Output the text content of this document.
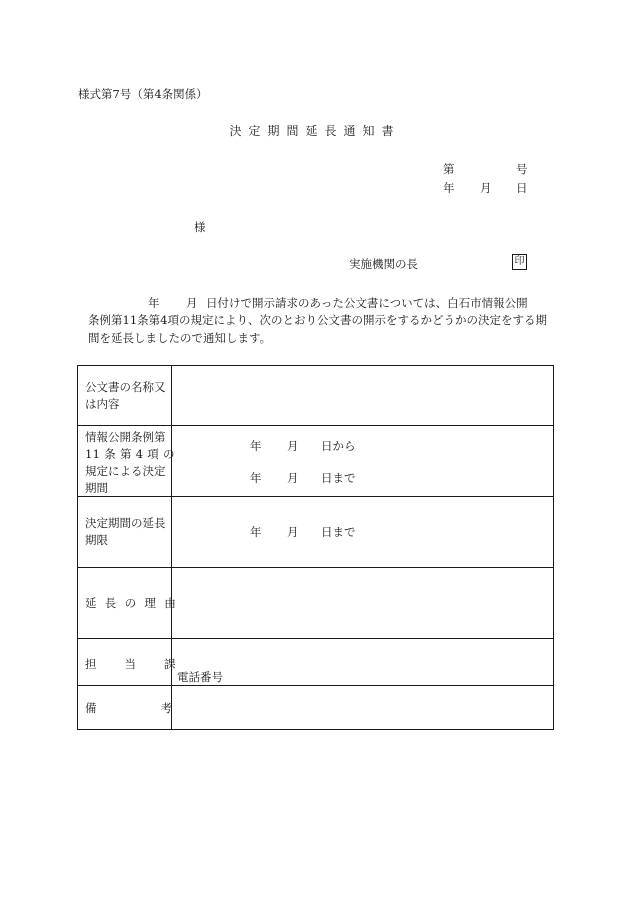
様式第7号（第4条関係）
決定期間延長通知書
第	号
年 月 日
様
実施機関の長	印
年 月 日付けで開示請求のあった公文書については、白石市情報公開
条例第11条第4項の規定により、次のとおり公文書の開示をするかどうかの決定をする期
間を延長しましたので通知します。
公文書の名称又
は内容
情報公開条例第
11 条 第 4 項 の
規定による決定
期間
年 月 日から
年 月 日まで
決定期間の延長
期限
年 月 日まで
延長の理由
担当課
電話番号
備考
